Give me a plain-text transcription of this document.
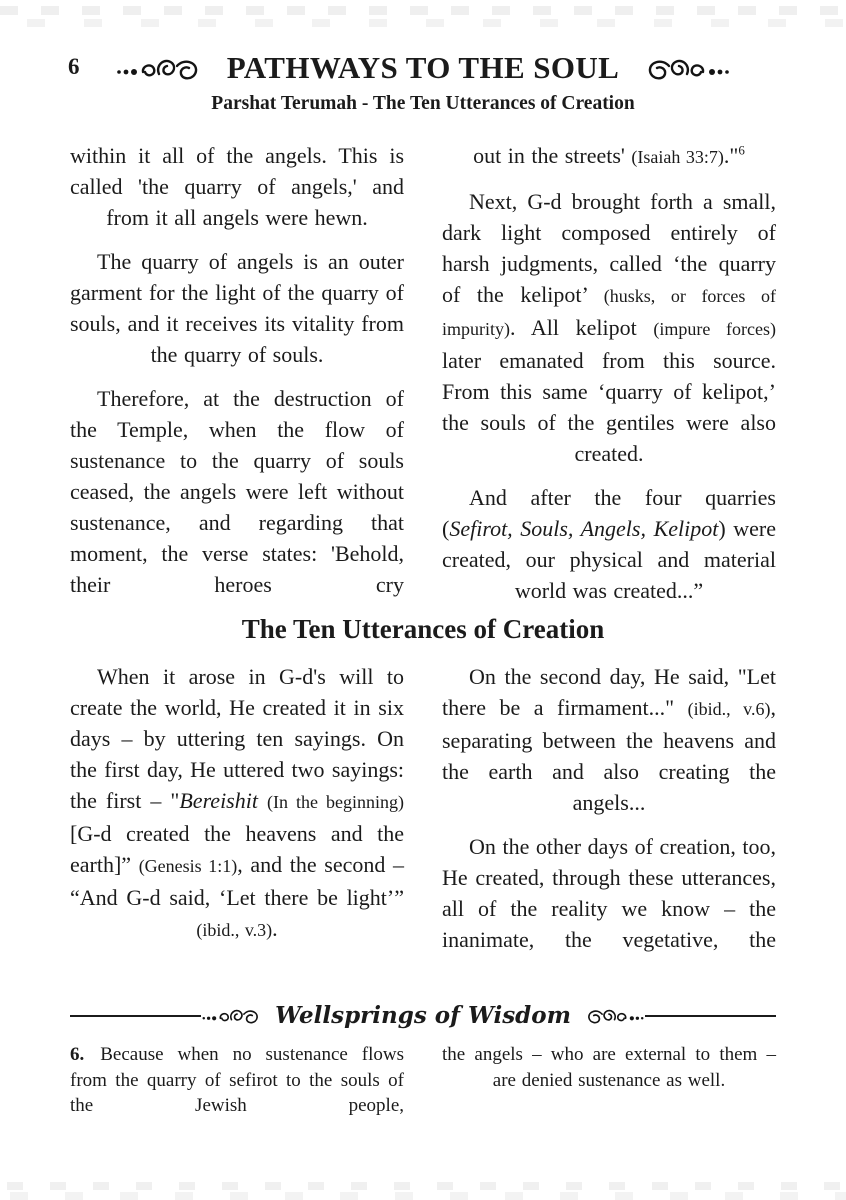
6	PATHWAYS TO THE SOUL
Parshat Terumah - The Ten Utterances of Creation

within it all of the angels. This is called 'the quarry of angels,' and from it all angels were hewn.

The quarry of angels is an outer garment for the light of the quarry of souls, and it receives its vitality from the quarry of souls.

Therefore, at the destruction of the Temple, when the flow of sustenance to the quarry of souls ceased, the angels were left without sustenance, and regarding that moment, the verse states: 'Behold, their heroes cry

out in the streets' (Isaiah 33:7)."$^6$

Next, G-d brought forth a small, dark light composed entirely of harsh judgments, called ‘the quarry of the kelipot’ (husks, or forces of impurity). All kelipot (impure forces) later emanated from this source. From this same ‘quarry of kelipot,’ the souls of the gentiles were also created.

And after the four quarries (Sefirot, Souls, Angels, Kelipot) were created, our physical and material world was created...”

The Ten Utterances of Creation

When it arose in G-d's will to create the world, He created it in six days – by uttering ten sayings. On the first day, He uttered two sayings: the first – "Bereishit (In the beginning) [G-d created the heavens and the earth]” (Genesis 1:1), and the second – “And G-d said, ‘Let there be light’” (ibid., v.3).

On the second day, He said, "Let there be a firmament..." (ibid., v.6), separating between the heavens and the earth and also creating the angels...

On the other days of creation, too, He created, through these utterances, all of the reality we know – the inanimate, the vegetative, the

Wellsprings of Wisdom

6. Because when no sustenance flows from the quarry of sefirot to the souls of the Jewish people,

the angels – who are external to them – are denied sustenance as well.
